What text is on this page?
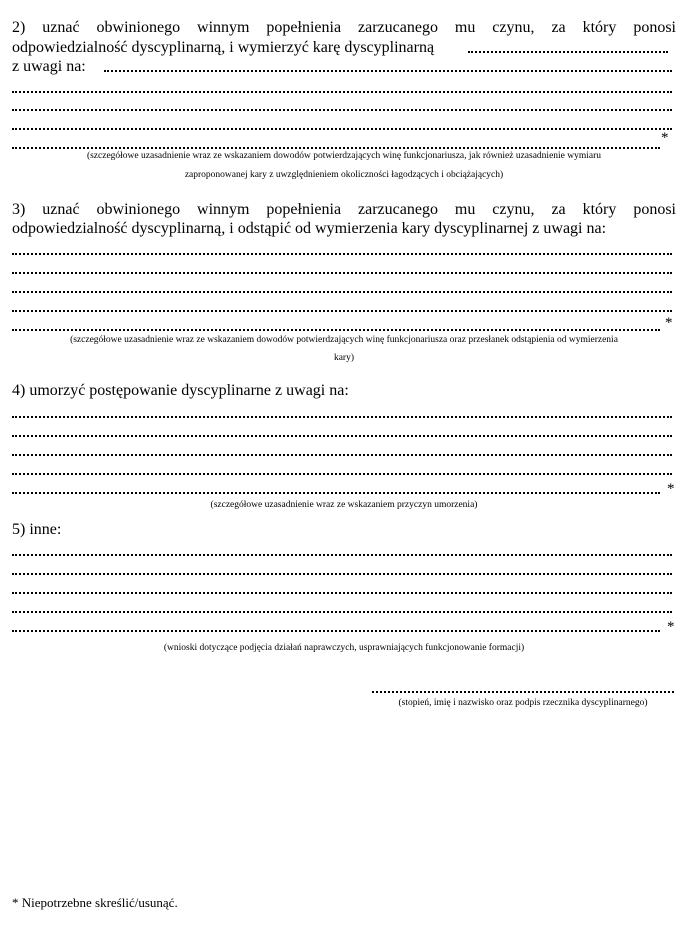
2) uznać obwinionego winnym popełnienia zarzucanego mu czynu, za który ponosi
odpowiedzialność dyscyplinarną, i wymierzyć karę dyscyplinarną
z uwagi na:
*
(szczegółowe uzasadnienie wraz ze wskazaniem dowodów potwierdzających winę funkcjonariusza, jak również uzasadnienie wymiaru
zaproponowanej kary z uwzględnieniem okoliczności łagodzących i obciążających)
3) uznać obwinionego winnym popełnienia zarzucanego mu czynu, za który ponosi
odpowiedzialność dyscyplinarną, i odstąpić od wymierzenia kary dyscyplinarnej z uwagi na:
*
(szczegółowe uzasadnienie wraz ze wskazaniem dowodów potwierdzających winę funkcjonariusza oraz przesłanek odstąpienia od wymierzenia
kary)
4) umorzyć postępowanie dyscyplinarne z uwagi na:
*
(szczegółowe uzasadnienie wraz ze wskazaniem przyczyn umorzenia)
5) inne:
*
(wnioski dotyczące podjęcia działań naprawczych, usprawniających funkcjonowanie formacji)
(stopień, imię i nazwisko oraz podpis rzecznika dyscyplinarnego)
* Niepotrzebne skreślić/usunąć.
